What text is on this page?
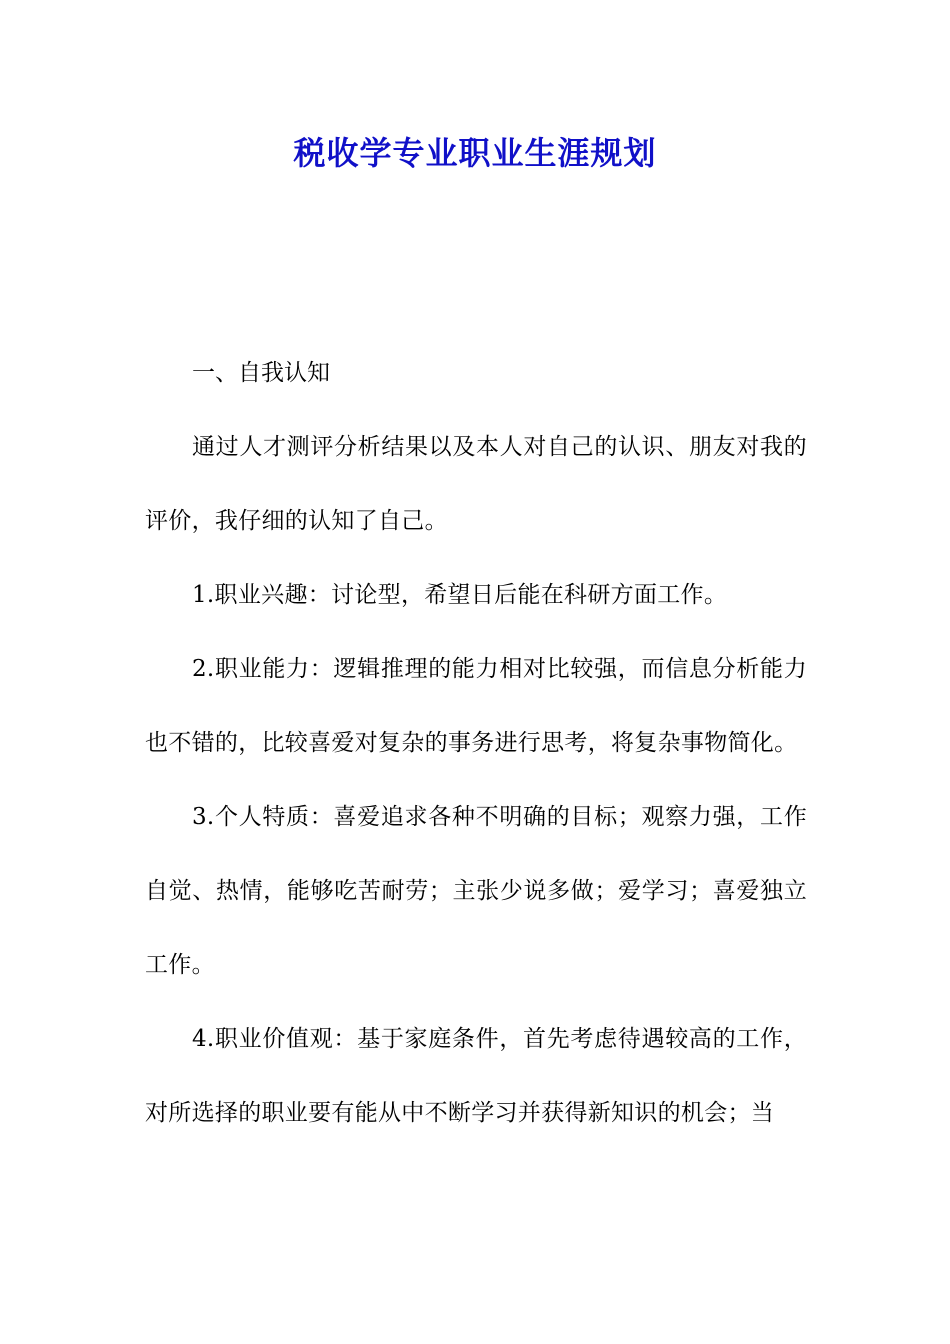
税收学专业职业生涯规划

一、自我认知

通过人才测评分析结果以及本人对自己的认识、朋友对我的评价，我仔细的认知了自己。

1.职业兴趣：讨论型，希望日后能在科研方面工作。

2.职业能力：逻辑推理的能力相对比较强，而信息分析能力也不错的，比较喜爱对复杂的事务进行思考，将复杂事物简化。

3.个人特质：喜爱追求各种不明确的目标；观察力强，工作自觉、热情，能够吃苦耐劳；主张少说多做；爱学习；喜爱独立工作。

4.职业价值观：基于家庭条件，首先考虑待遇较高的工作，对所选择的职业要有能从中不断学习并获得新知识的机会；当
